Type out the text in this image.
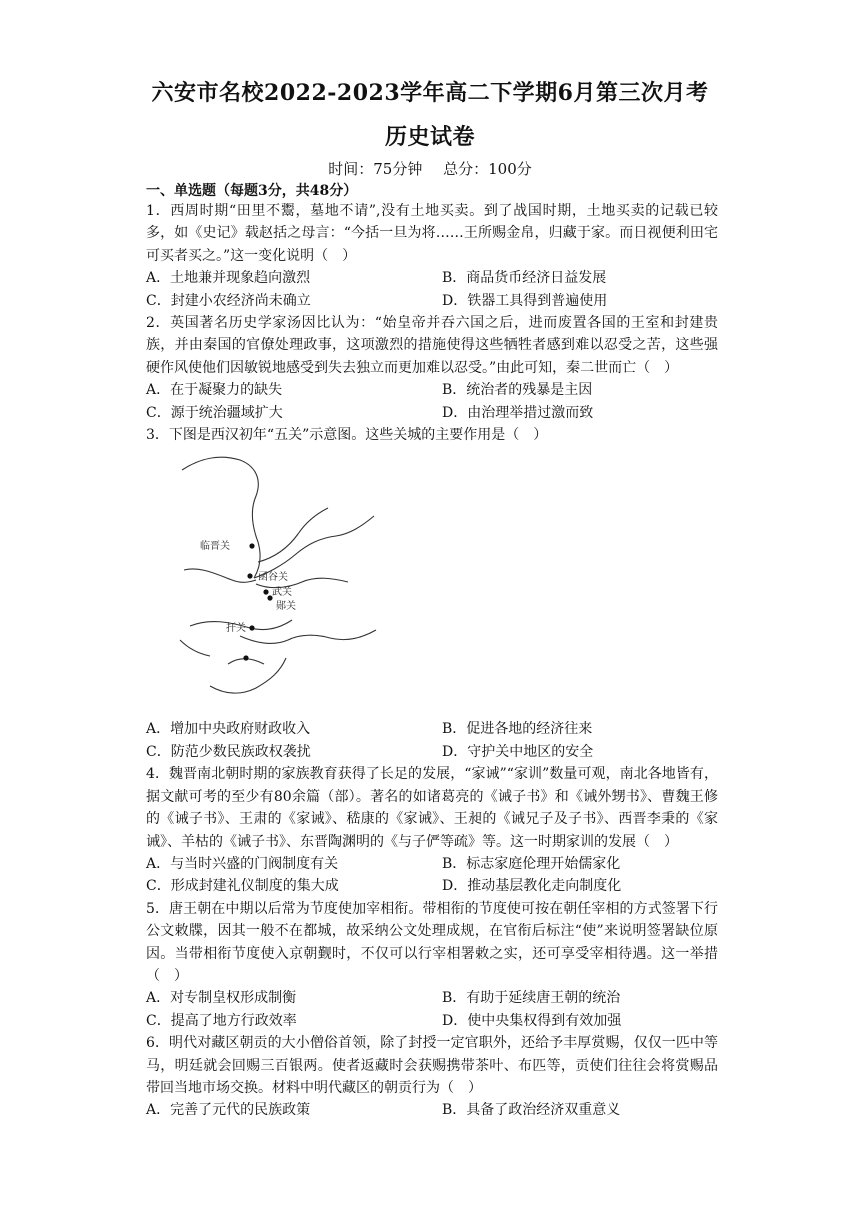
六安市名校2022-2023学年高二下学期6月第三次月考
历史试卷
时间：75分钟 总分：100分
一、单选题（每题3分，共48分）

1．西周时期“田里不鬻，墓地不请”,没有土地买卖。到了战国时期，土地买卖的记载已较多，如《史记》载赵括之母言：“今括一旦为将……王所赐金帛，归藏于家。而日视便利田宅可买者买之。”这一变化说明（　）

A．土地兼并现象趋向激烈	B．商品货币经济日益发展
C．封建小农经济尚未确立	D．铁器工具得到普遍使用

2．英国著名历史学家汤因比认为：“始皇帝并吞六国之后，进而废置各国的王室和封建贵族，并由秦国的官僚处理政事，这项激烈的措施使得这些牺牲者感到难以忍受之苦，这些强硬作风使他们因敏锐地感受到失去独立而更加难以忍受。”由此可知，秦二世而亡（　）

A．在于凝聚力的缺失	B．统治者的残暴是主因
C．源于统治疆域扩大	D．由治理举措过激而致

3．下图是西汉初年“五关”示意图。这些关城的主要作用是（　）

临晋关
函谷关
武关
郧关
扞关
A．增加中央政府财政收入	B．促进各地的经济往来
C．防范少数民族政权袭扰	D．守护关中地区的安全

4．魏晋南北朝时期的家族教育获得了长足的发展，“家诫”“家训”数量可观，南北各地皆有，据文献可考的至少有80余篇（部）。著名的如诸葛亮的《诫子书》和《诫外甥书》、曹魏王修的《诫子书》、王肃的《家诫》、嵇康的《家诫》、王昶的《诫兄子及子书》、西晋李秉的《家诫》、羊枯的《诫子书》、东晋陶渊明的《与子俨等疏》等。这一时期家训的发展（　）

A．与当时兴盛的门阀制度有关	B．标志家庭伦理开始儒家化
C．形成封建礼仪制度的集大成	D．推动基层教化走向制度化

5．唐王朝在中期以后常为节度使加宰相衔。带相衔的节度使可按在朝任宰相的方式签署下行公文敕牒，因其一般不在都城，故采纳公文处理成规，在官衔后标注“使”来说明签署缺位原因。当带相衔节度使入京朝觐时，不仅可以行宰相署敕之实，还可享受宰相待遇。这一举措（　）

A．对专制皇权形成制衡	B．有助于延续唐王朝的统治
C．提高了地方行政效率	D．使中央集权得到有效加强

6．明代对藏区朝贡的大小僧俗首领，除了封授一定官职外，还给予丰厚赏赐，仅仅一匹中等马，明廷就会回赐三百银两。使者返藏时会获赐携带茶叶、布匹等，贡使们往往会将赏赐品带回当地市场交换。材料中明代藏区的朝贡行为（　）

A．完善了元代的民族政策	B．具备了政治经济双重意义
